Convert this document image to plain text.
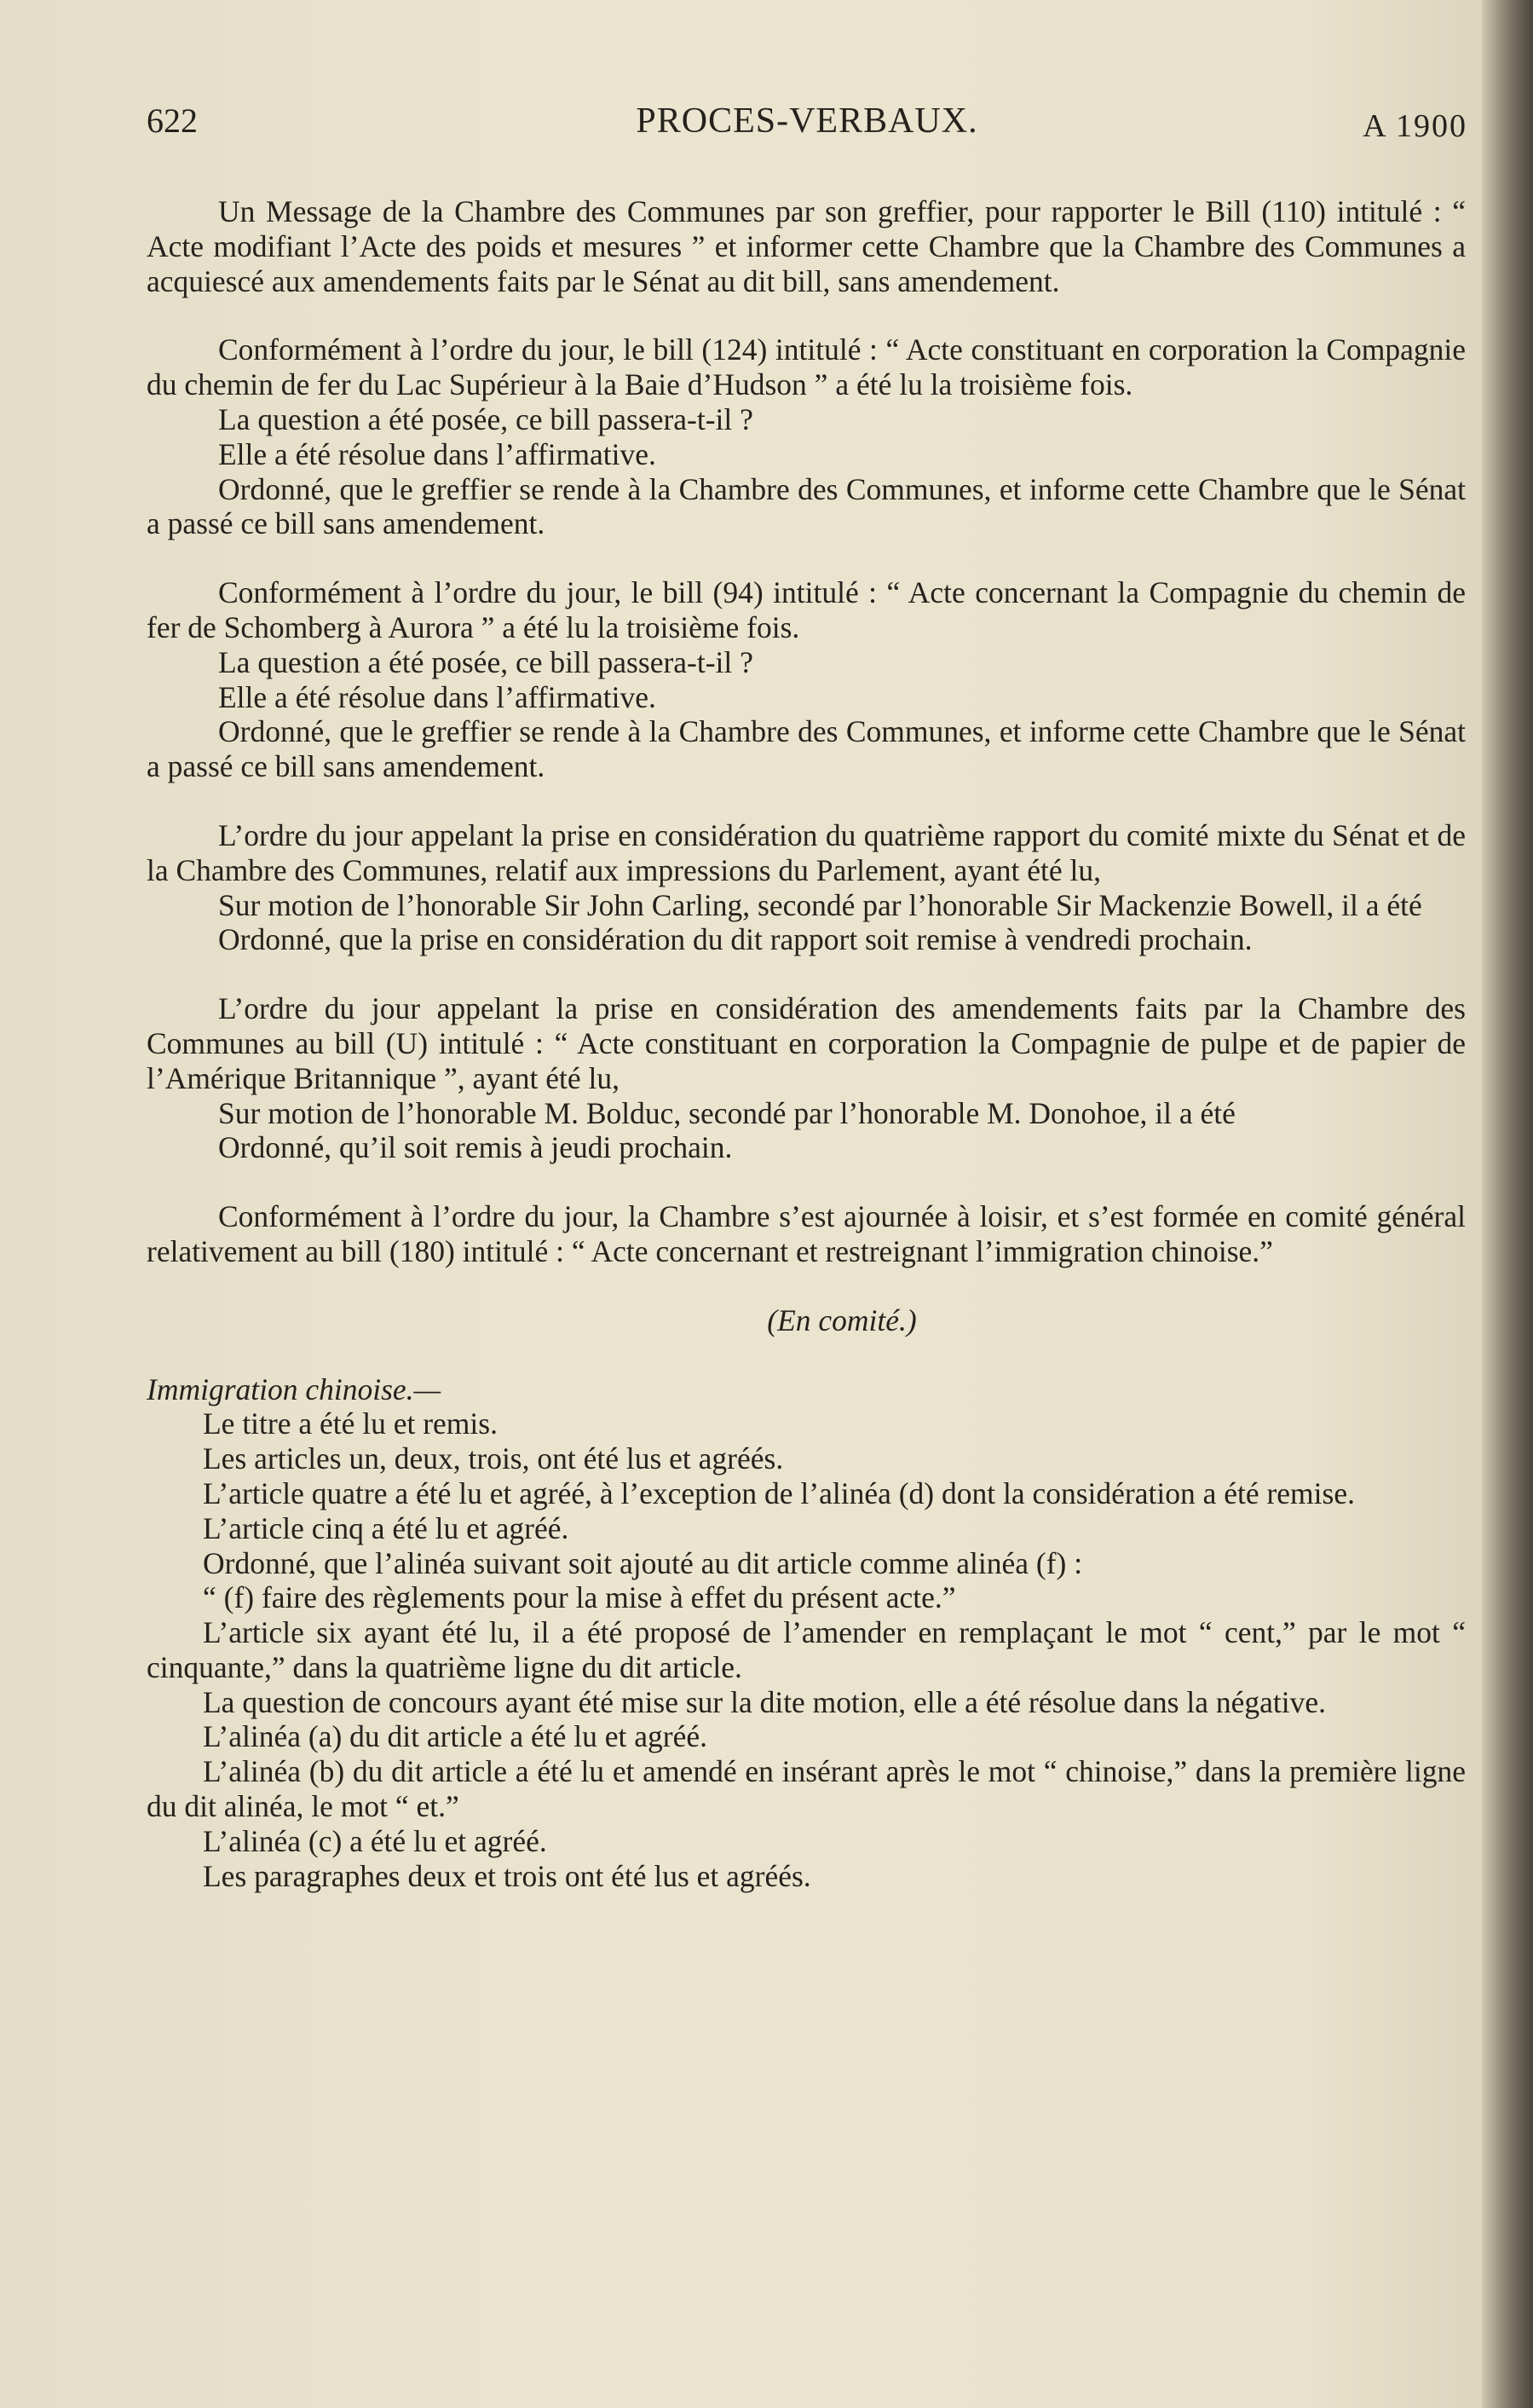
622	PROCES-VERBAUX.	A 1900

Un Message de la Chambre des Communes par son greffier, pour rapporter le Bill (110) intitulé : “ Acte modifiant l’Acte des poids et mesures ” et informer cette Chambre que la Chambre des Communes a acquiescé aux amendements faits par le Sénat au dit bill, sans amendement.

Conformément à l’ordre du jour, le bill (124) intitulé : “ Acte constituant en corporation la Compagnie du chemin de fer du Lac Supérieur à la Baie d’Hudson ” a été lu la troisième fois.

La question a été posée, ce bill passera-t-il ?

Elle a été résolue dans l’affirmative.

Ordonné, que le greffier se rende à la Chambre des Communes, et informe cette Chambre que le Sénat a passé ce bill sans amendement.

Conformément à l’ordre du jour, le bill (94) intitulé : “ Acte concernant la Compagnie du chemin de fer de Schomberg à Aurora ” a été lu la troisième fois.

La question a été posée, ce bill passera-t-il ?

Elle a été résolue dans l’affirmative.

Ordonné, que le greffier se rende à la Chambre des Communes, et informe cette Chambre que le Sénat a passé ce bill sans amendement.

L’ordre du jour appelant la prise en considération du quatrième rapport du comité mixte du Sénat et de la Chambre des Communes, relatif aux impressions du Parlement, ayant été lu,

Sur motion de l’honorable Sir John Carling, secondé par l’honorable Sir Mackenzie Bowell, il a été

Ordonné, que la prise en considération du dit rapport soit remise à vendredi prochain.

L’ordre du jour appelant la prise en considération des amendements faits par la Chambre des Communes au bill (U) intitulé : “ Acte constituant en corporation la Compagnie de pulpe et de papier de l’Amérique Britannique ”, ayant été lu,

Sur motion de l’honorable M. Bolduc, secondé par l’honorable M. Donohoe, il a été

Ordonné, qu’il soit remis à jeudi prochain.

Conformément à l’ordre du jour, la Chambre s’est ajournée à loisir, et s’est formée en comité général relativement au bill (180) intitulé : “ Acte concernant et restreignant l’immigration chinoise.”

(En comité.)

Immigration chinoise.—

Le titre a été lu et remis.

Les articles un, deux, trois, ont été lus et agréés.

L’article quatre a été lu et agréé, à l’exception de l’alinéa (d) dont la considération a été remise.

L’article cinq a été lu et agréé.

Ordonné, que l’alinéa suivant soit ajouté au dit article comme alinéa (f) :

“ (f) faire des règlements pour la mise à effet du présent acte.”

L’article six ayant été lu, il a été proposé de l’amender en remplaçant le mot “ cent,” par le mot “ cinquante,” dans la quatrième ligne du dit article.

La question de concours ayant été mise sur la dite motion, elle a été résolue dans la négative.

L’alinéa (a) du dit article a été lu et agréé.

L’alinéa (b) du dit article a été lu et amendé en insérant après le mot “ chinoise,” dans la première ligne du dit alinéa, le mot “ et.”

L’alinéa (c) a été lu et agréé.

Les paragraphes deux et trois ont été lus et agréés.
